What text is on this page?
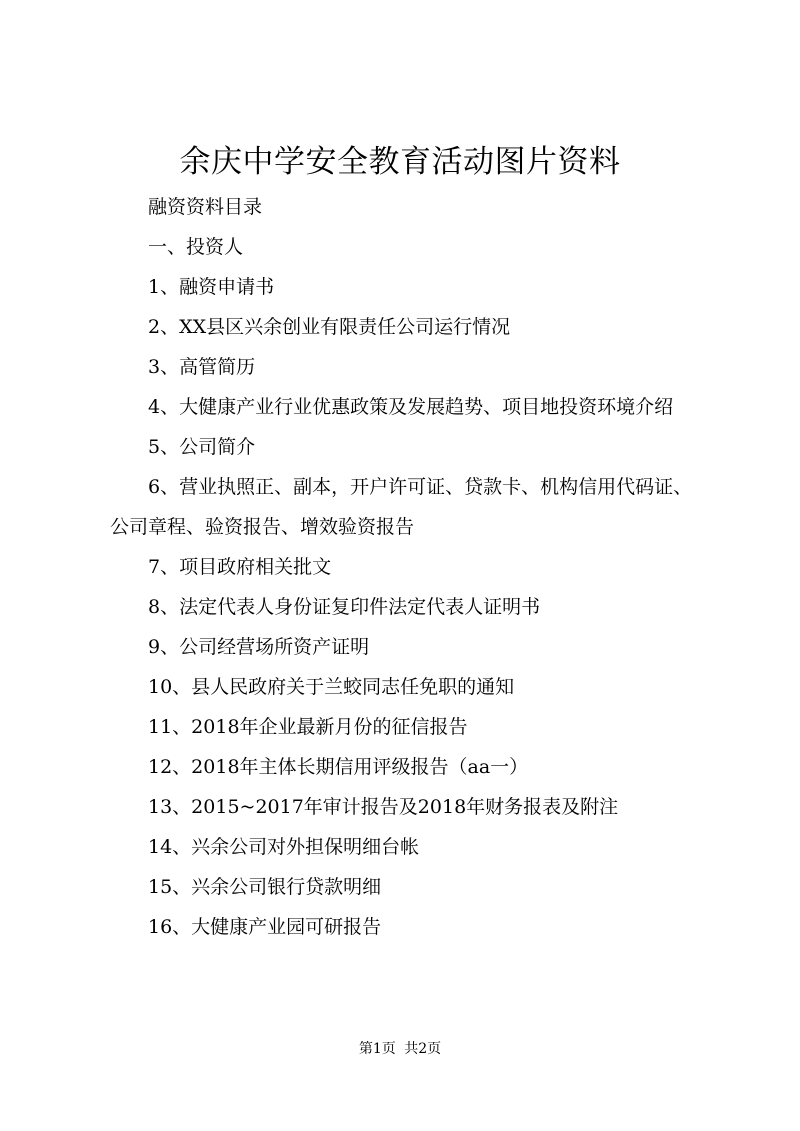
余庆中学安全教育活动图片资料

融资资料目录

一、投资人

1、融资申请书

2、XX县区兴余创业有限责任公司运行情况

3、高管简历

4、大健康产业行业优惠政策及发展趋势、项目地投资环境介绍

5、公司简介

6、营业执照正、副本，开户许可证、贷款卡、机构信用代码证、公司章程、验资报告、增效验资报告

7、项目政府相关批文

8、法定代表人身份证复印件法定代表人证明书

9、公司经营场所资产证明

10、县人民政府关于兰蛟同志任免职的通知

11、2018年企业最新月份的征信报告

12、2018年主体长期信用评级报告（aa一）

13、2015~2017年审计报告及2018年财务报表及附注

14、兴余公司对外担保明细台帐

15、兴余公司银行贷款明细

16、大健康产业园可研报告

第1页 共2页
